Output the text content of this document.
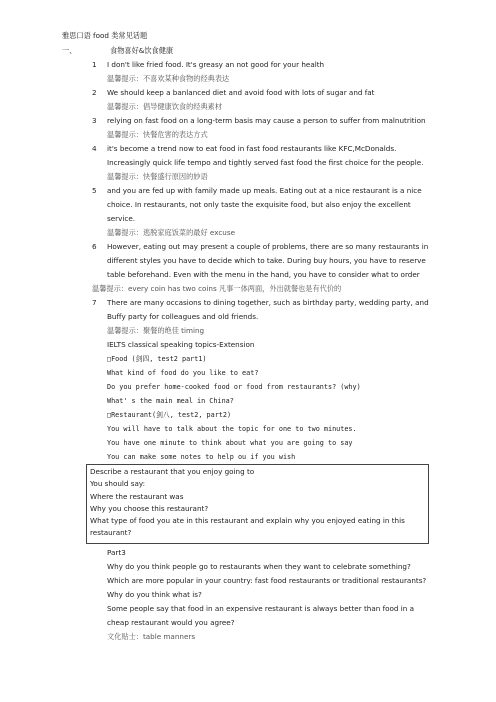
雅思口语 food 类常见话题
一、	食物喜好&饮食健康
1 I don't like fried food. It's greasy an not good for your health
温馨提示：不喜欢某种食物的经典表达
2 We should keep a banlanced diet and avoid food with lots of sugar and fat
温馨提示：倡导健康饮食的经典素材
3 relying on fast food on a long-term basis may cause a person to suffer from malnutrition
温馨提示：快餐危害的表达方式
4 it's become a trend now to eat food in fast food restaurants like KFC,McDonalds.
Increasingly quick life tempo and tightly served fast food the first choice for the people.
温馨提示：快餐盛行原因的妙语
5 and you are fed up with family made up meals. Eating out at a nice restaurant is a nice
choice. In restaurants, not only taste the exquisite food, but also enjoy the excellent
service.
温馨提示：逃脱家庭饭菜的最好 excuse
6 However, eating out may present a couple of problems, there are so many restaurants in
different styles you have to decide which to take. During buy hours, you have to reserve
table beforehand. Even with the menu in the hand, you have to consider what to order
温馨提示：every coin has two coins 凡事一体两面，外出就餐也是有代价的
7 There are many occasions to dining together, such as birthday party, wedding party, and
Buffy party for colleagues and old friends.
温馨提示：聚餐的绝佳 timing
IELTS classical speaking topics-Extension
□Food (剑四, test2 part1)
What kind of food do you like to eat?
Do you prefer home-cooked food or food from restaurants? (why)
What' s the main meal in China?
□Restaurant(剑八, test2, part2)
You will have to talk about the topic for one to two minutes.
You have one minute to think about what you are going to say
You can make some notes to help ou if you wish
Describe a restaurant that you enjoy going to
You should say:
Where the restaurant was
Why you choose this restaurant?
What type of food you ate in this restaurant and explain why you enjoyed eating in this
restaurant?
Part3
Why do you think people go to restaurants when they want to celebrate something?
Which are more popular in your country: fast food restaurants or traditional restaurants?
Why do you think what is?
Some people say that food in an expensive restaurant is always better than food in a
cheap restaurant would you agree?
文化贴士：table manners
